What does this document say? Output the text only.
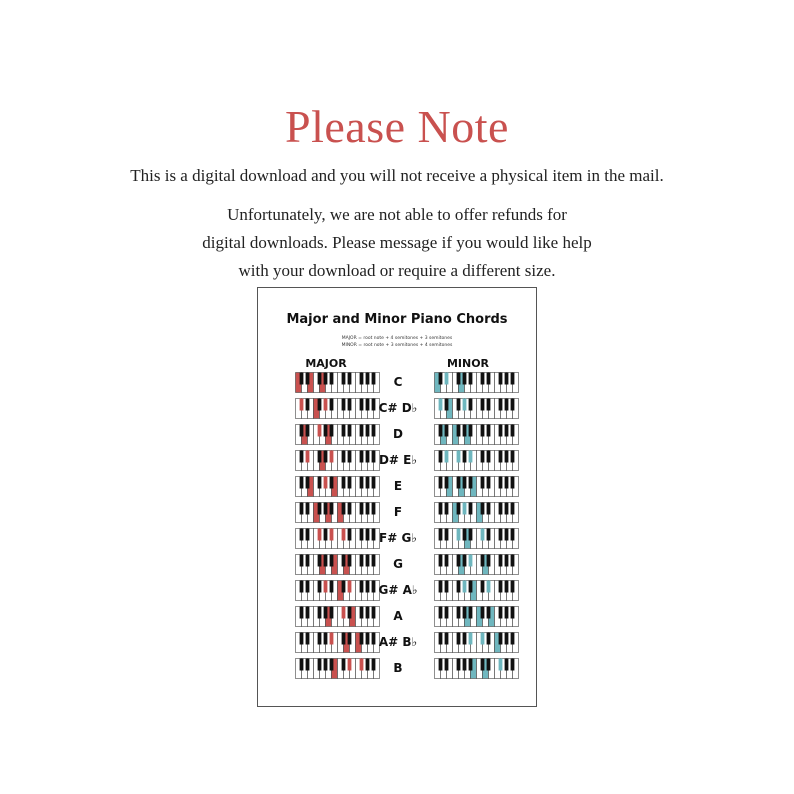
Please Note
This is a digital download and you will not receive a physical item in the mail.
Unfortunately, we are not able to offer refunds for
digital downloads. Please message if you would like help
with your download or require a different size.
Major and Minor Piano Chords
MAJOR = root note + 4 semitones + 3 semitones
MINOR = root note + 3 semitones + 4 semitones
MAJOR	MINOR
C
C# D♭
D
D# E♭
E
F
F# G♭
G
G# A♭
A
A# B♭
B
